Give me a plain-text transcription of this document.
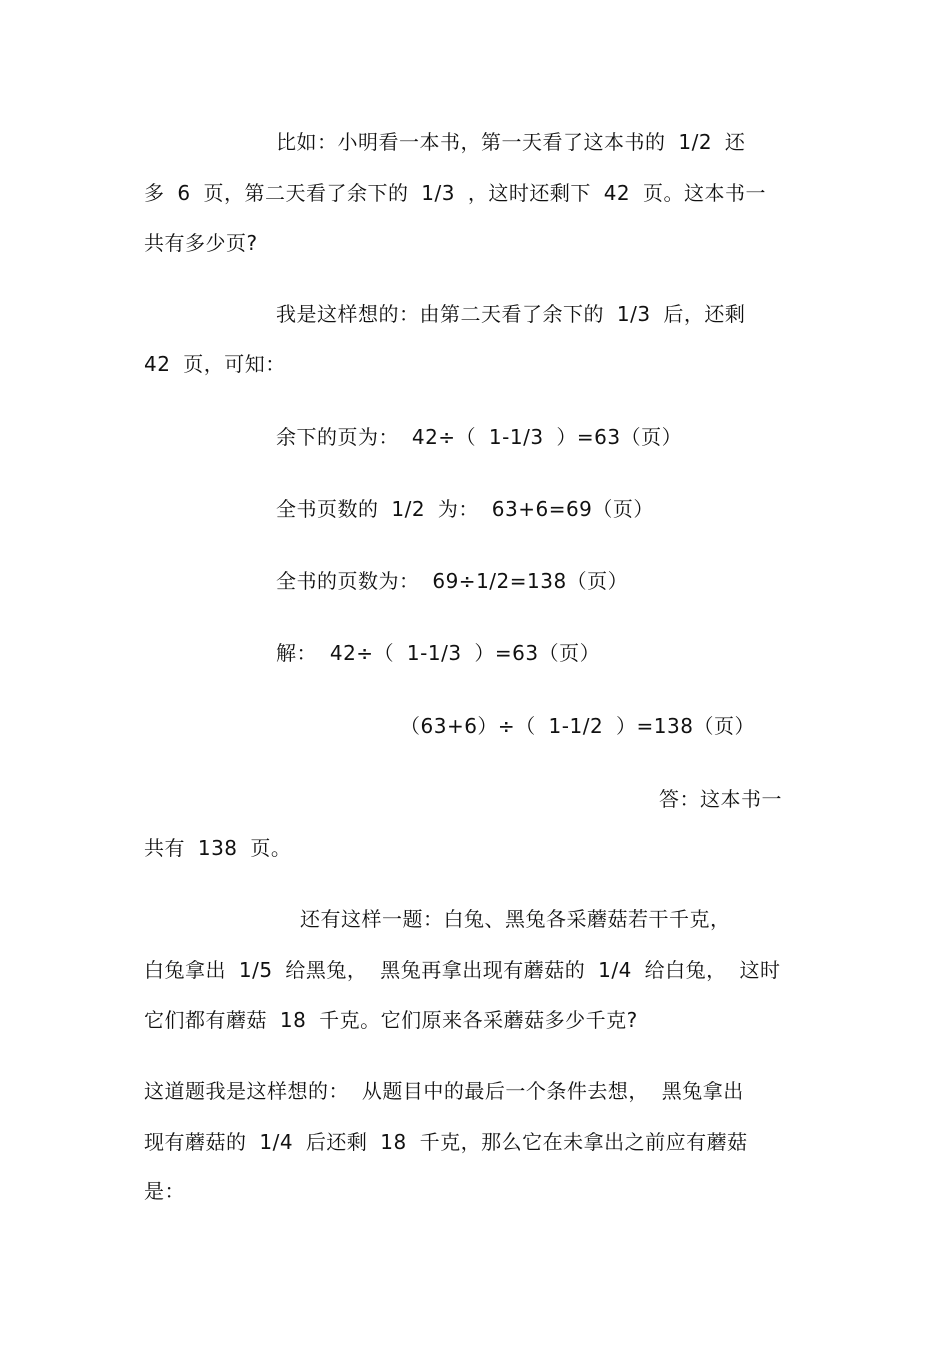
比如：小明看一本书，第一天看了这本书的 1/2 还
多 6 页，第二天看了余下的 1/3 ，这时还剩下 42 页。这本书一
共有多少页?
我是这样想的：由第二天看了余下的 1/3 后，还剩
42 页，可知：
余下的页为： 42÷（ 1-1/3 ）=63（页）
全书页数的 1/2 为： 63+6=69（页）
全书的页数为： 69÷1/2=138（页）
解： 42÷（ 1-1/3 ）=63（页）
（63+6）÷（ 1-1/2 ）=138（页）
答：这本书一
共有 138 页。
还有这样一题：白兔、黑兔各采蘑菇若干千克，
白兔拿出 1/5 给黑兔， 黑兔再拿出现有蘑菇的 1/4 给白兔， 这时
它们都有蘑菇 18 千克。它们原来各采蘑菇多少千克?
这道题我是这样想的： 从题目中的最后一个条件去想， 黑兔拿出
现有蘑菇的 1/4 后还剩 18 千克，那么它在未拿出之前应有蘑菇
是：
